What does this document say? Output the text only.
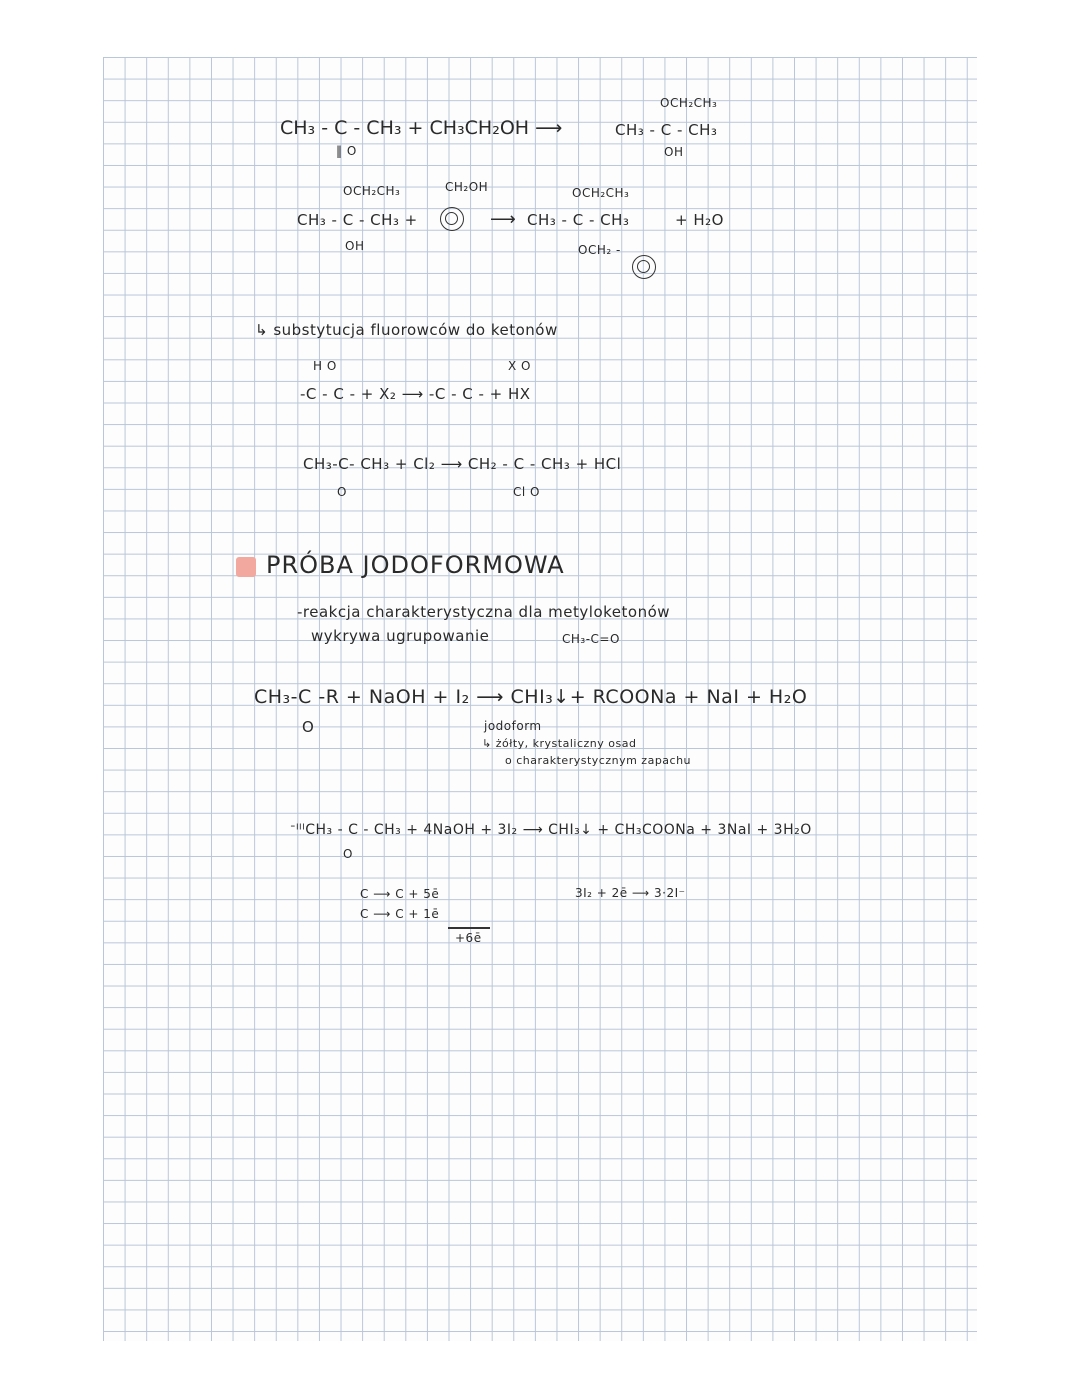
CH₃ - C - CH₃ + CH₃CH₂OH ⟶
‖ O
OCH₂CH₃
CH₃ - C - CH₃
OH
OCH₂CH₃
CH₃ - C - CH₃ +
OH
CH₂OH
⟶
OCH₂CH₃
CH₃ - C - CH₃
OCH₂ -
+ H₂O
↳ substytucja fluorowców do ketonów
H O	X O
-C - C - + X₂ ⟶ -C - C - + HX
CH₃-C- CH₃ + Cl₂ ⟶ CH₂ - C - CH₃ + HCl
O	Cl O
PRÓBA JODOFORMOWA
-reakcja charakterystyczna dla metyloketonów
wykrywa ugrupowanie	CH₃-C=O
CH₃-C -R + NaOH + I₂ ⟶ CHI₃↓+ RCOONa + NaI + H₂O
O	jodoform
↳ żółty, krystaliczny osad
o charakterystycznym zapachu
ᐨᴵᴵᴵCH₃ - C - CH₃ + 4NaOH + 3I₂ ⟶ CHI₃↓ + CH₃COONa + 3NaI + 3H₂O
O
C ⟶ C + 5ē
C ⟶ C + 1ē
+6ē
3I₂ + 2ē ⟶ 3·2I⁻
